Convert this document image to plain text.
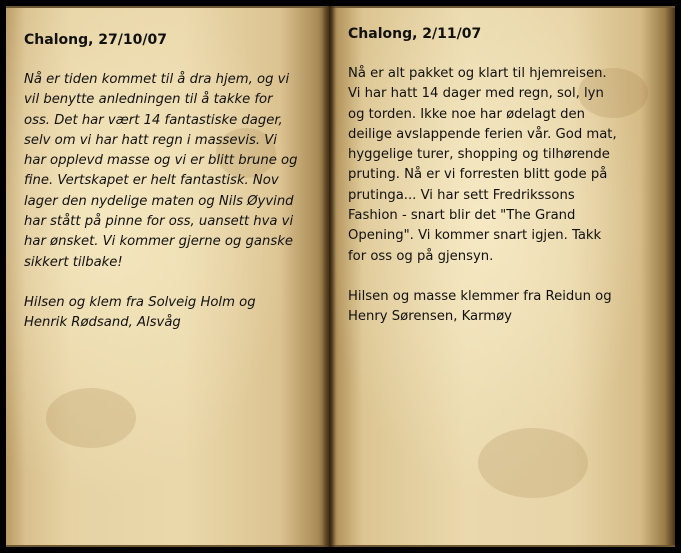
Chalong, 27/10/07

Nå er tiden kommet til å dra hjem, og vi
vil benytte anledningen til å takke for
oss. Det har vært 14 fantastiske dager,
selv om vi har hatt regn i massevis. Vi
har opplevd masse og vi er blitt brune og
fine. Vertskapet er helt fantastisk. Nov
lager den nydelige maten og Nils Øyvind
har stått på pinne for oss, uansett hva vi
har ønsket. Vi kommer gjerne og ganske
sikkert tilbake!

Hilsen og klem fra Solveig Holm og
Henrik Rødsand, Alsvåg

Chalong, 2/11/07

Nå er alt pakket og klart til hjemreisen.
Vi har hatt 14 dager med regn, sol, lyn
og torden. Ikke noe har ødelagt den
deilige avslappende ferien vår. God mat,
hyggelige turer, shopping og tilhørende
pruting. Nå er vi forresten blitt gode på
prutinga... Vi har sett Fredrikssons
Fashion - snart blir det "The Grand
Opening". Vi kommer snart igjen. Takk
for oss og på gjensyn.

Hilsen og masse klemmer fra Reidun og
Henry Sørensen, Karmøy
